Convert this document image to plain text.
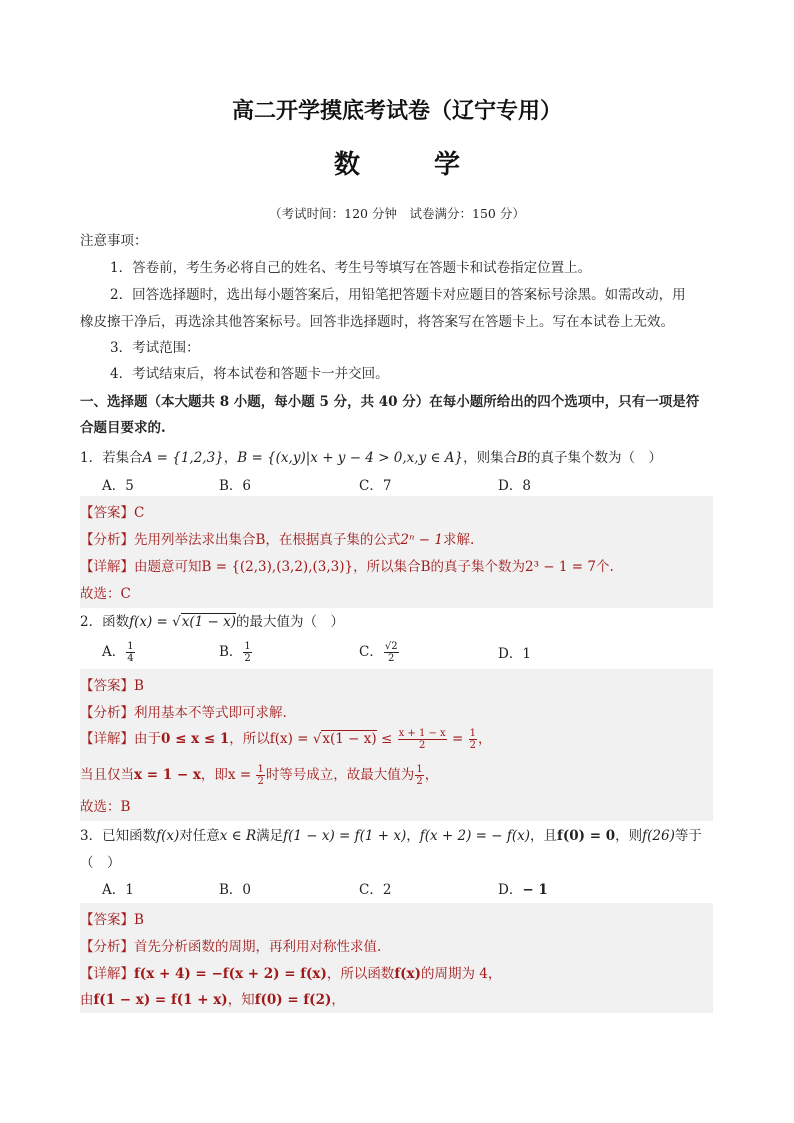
高二开学摸底考试卷（辽宁专用）
数	学
（考试时间：120 分钟　试卷满分：150 分）
注意事项：
1．答卷前，考生务必将自己的姓名、考生号等填写在答题卡和试卷指定位置上。
2．回答选择题时，选出每小题答案后，用铅笔把答题卡对应题目的答案标号涂黑。如需改动，用
橡皮擦干净后，再选涂其他答案标号。回答非选择题时，将答案写在答题卡上。写在本试卷上无效。
3．考试范围：
4．考试结束后，将本试卷和答题卡一并交回。
一、选择题（本大题共 8 小题，每小题 5 分，共 40 分）在每小题所给出的四个选项中，只有一项是符
合题目要求的.
1．若集合A = {1,2,3}，B = {(x,y)|x + y − 4 > 0,x,y ∈ A}，则集合B的真子集个数为（　）
A．5	B．6	C．7	D．8
【答案】C
【分析】先用列举法求出集合B，在根据真子集的公式2ⁿ − 1求解.
【详解】由题意可知B = {(2,3),(3,2),(3,3)}，所以集合B的真子集个数为2³ − 1 = 7个.
故选：C
2．函数f(x) = √x(1 − x)的最大值为（　）
A． $\frac{1}{4}$	B． $\frac{1}{2}$	C． $\frac{√2}{2}$	D．1
【答案】B
【分析】利用基本不等式即可求解.
【详解】由于0 ≤ x ≤ 1，所以$f(x) = √x(1 - x) \le \frac{x + 1 - x}{2} = \frac{1}{2}$ ，
当且仅当x = 1 − x，即$x = \frac{1}{2}$ 时等号成立，故最大值为 $\frac{1}{2}$ ，
故选：B
3．已知函数f(x)对任意x ∈ R满足f(1 − x) = f(1 + x)，f(x + 2) = − f(x)，且f(0) = 0，则f(26)等于
（　）
A．1	B．0	C．2	D．− 1
【答案】B
【分析】首先分析函数的周期，再利用对称性求值.
【详解】f(x + 4) = −f(x + 2) = f(x)，所以函数f(x)的周期为 4，
由f(1 − x) = f(1 + x)，知f(0) = f(2)，
